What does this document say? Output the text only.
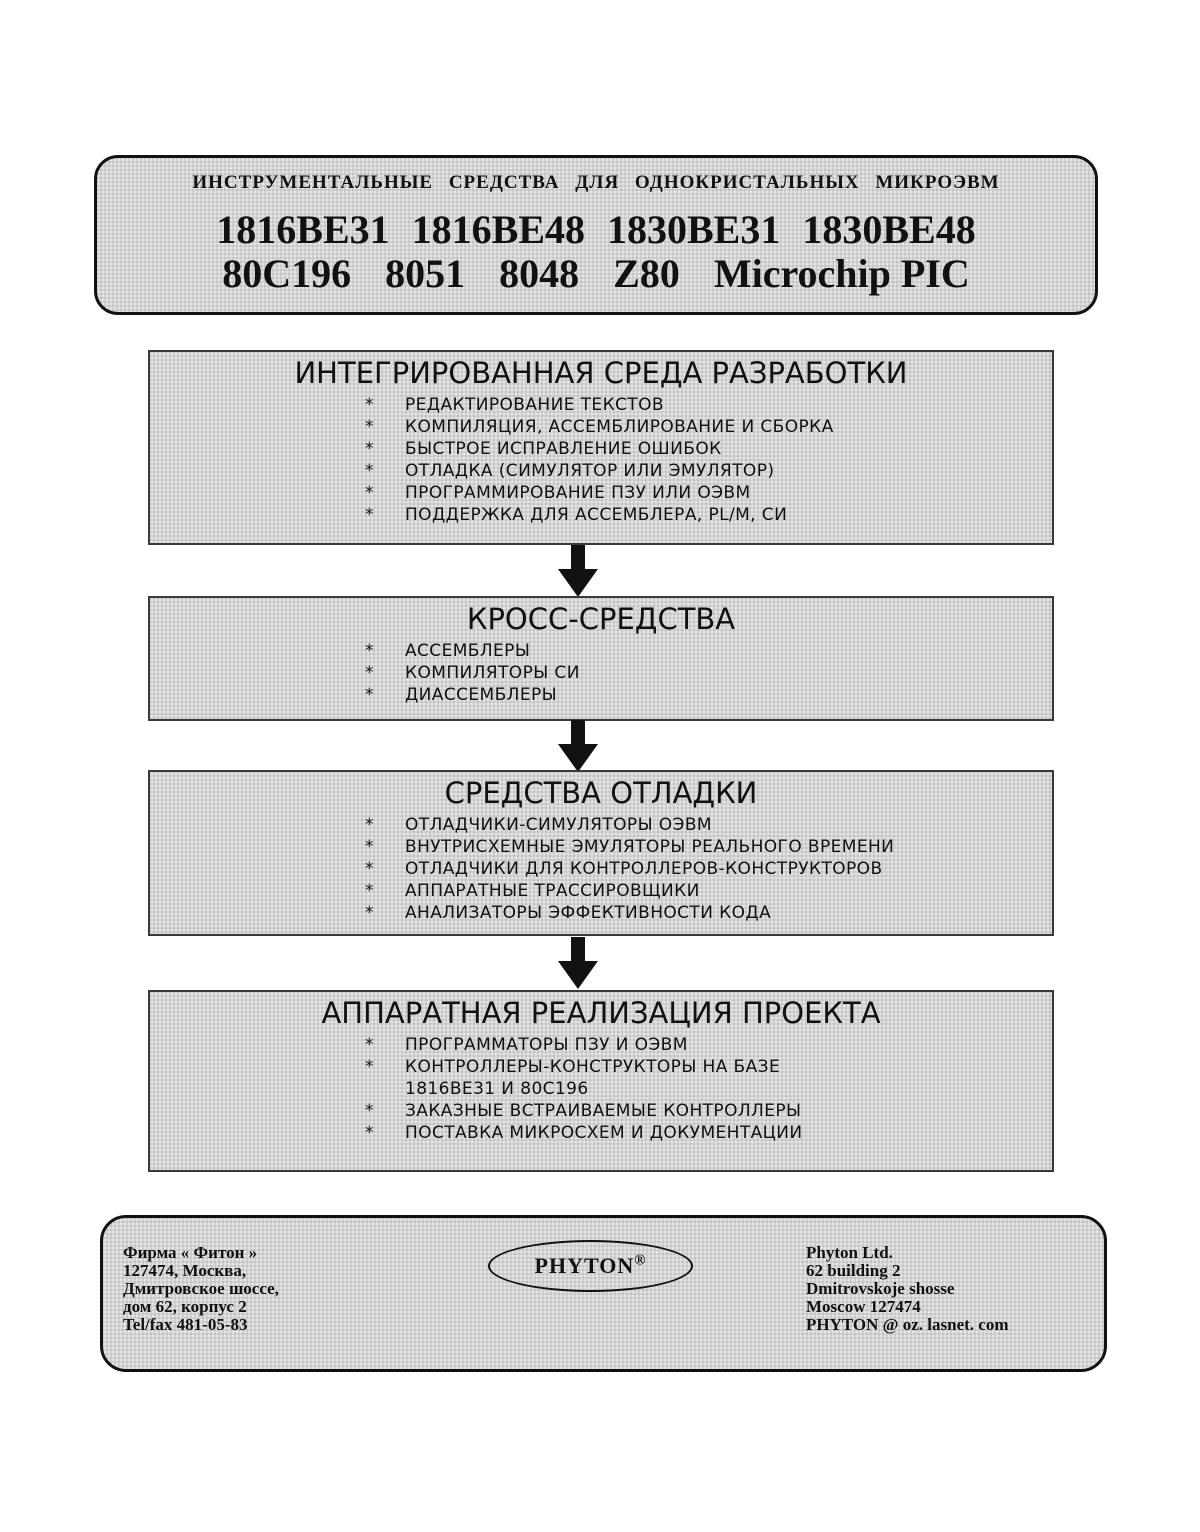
ИНСТРУМЕНТАЛЬНЫЕ СРЕДСТВА ДЛЯ ОДНОКРИСТАЛЬНЫХ МИКРОЭВМ
1816BE31 1816BE48 1830BE31 1830BE48
80C196 8051 8048 Z80 Microchip PIC
ИНТЕГРИРОВАННАЯ СРЕДА РАЗРАБОТКИ
* РЕДАКТИРОВАНИЕ ТЕКСТОВ
* КОМПИЛЯЦИЯ, АССЕМБЛИРОВАНИЕ И СБОРКА
* БЫСТРОЕ ИСПРАВЛЕНИЕ ОШИБОК
* ОТЛАДКА (СИМУЛЯТОР ИЛИ ЭМУЛЯТОР)
* ПРОГРАММИРОВАНИЕ ПЗУ ИЛИ ОЭВМ
* ПОДДЕРЖКА ДЛЯ АССЕМБЛЕРА, PL/M, СИ
КРОСС-СРЕДСТВА
* АССЕМБЛЕРЫ
* КОМПИЛЯТОРЫ СИ
* ДИАССЕМБЛЕРЫ
СРЕДСТВА ОТЛАДКИ
* ОТЛАДЧИКИ-СИМУЛЯТОРЫ ОЭВМ
* ВНУТРИСХЕМНЫЕ ЭМУЛЯТОРЫ РЕАЛЬНОГО ВРЕМЕНИ
* ОТЛАДЧИКИ ДЛЯ КОНТРОЛЛЕРОВ-КОНСТРУКТОРОВ
* АППАРАТНЫЕ ТРАССИРОВЩИКИ
* АНАЛИЗАТОРЫ ЭФФЕКТИВНОСТИ КОДА
АППАРАТНАЯ РЕАЛИЗАЦИЯ ПРОЕКТА
* ПРОГРАММАТОРЫ ПЗУ И ОЭВМ
* КОНТРОЛЛЕРЫ-КОНСТРУКТОРЫ НА БАЗЕ
1816BE31 И 80C196
* ЗАКАЗНЫЕ ВСТРАИВАЕМЫЕ КОНТРОЛЛЕРЫ
* ПОСТАВКА МИКРОСХЕМ И ДОКУМЕНТАЦИИ
Фирма « Фитон »
127474, Москва,
Дмитровское шоссе,
дом 62, корпус 2
Tel/fax 481-05-83
PHYTON®	Phyton Ltd.
62 building 2
Dmitrovskoje shosse
Moscow 127474
PHYTON @ oz. lasnet. com
